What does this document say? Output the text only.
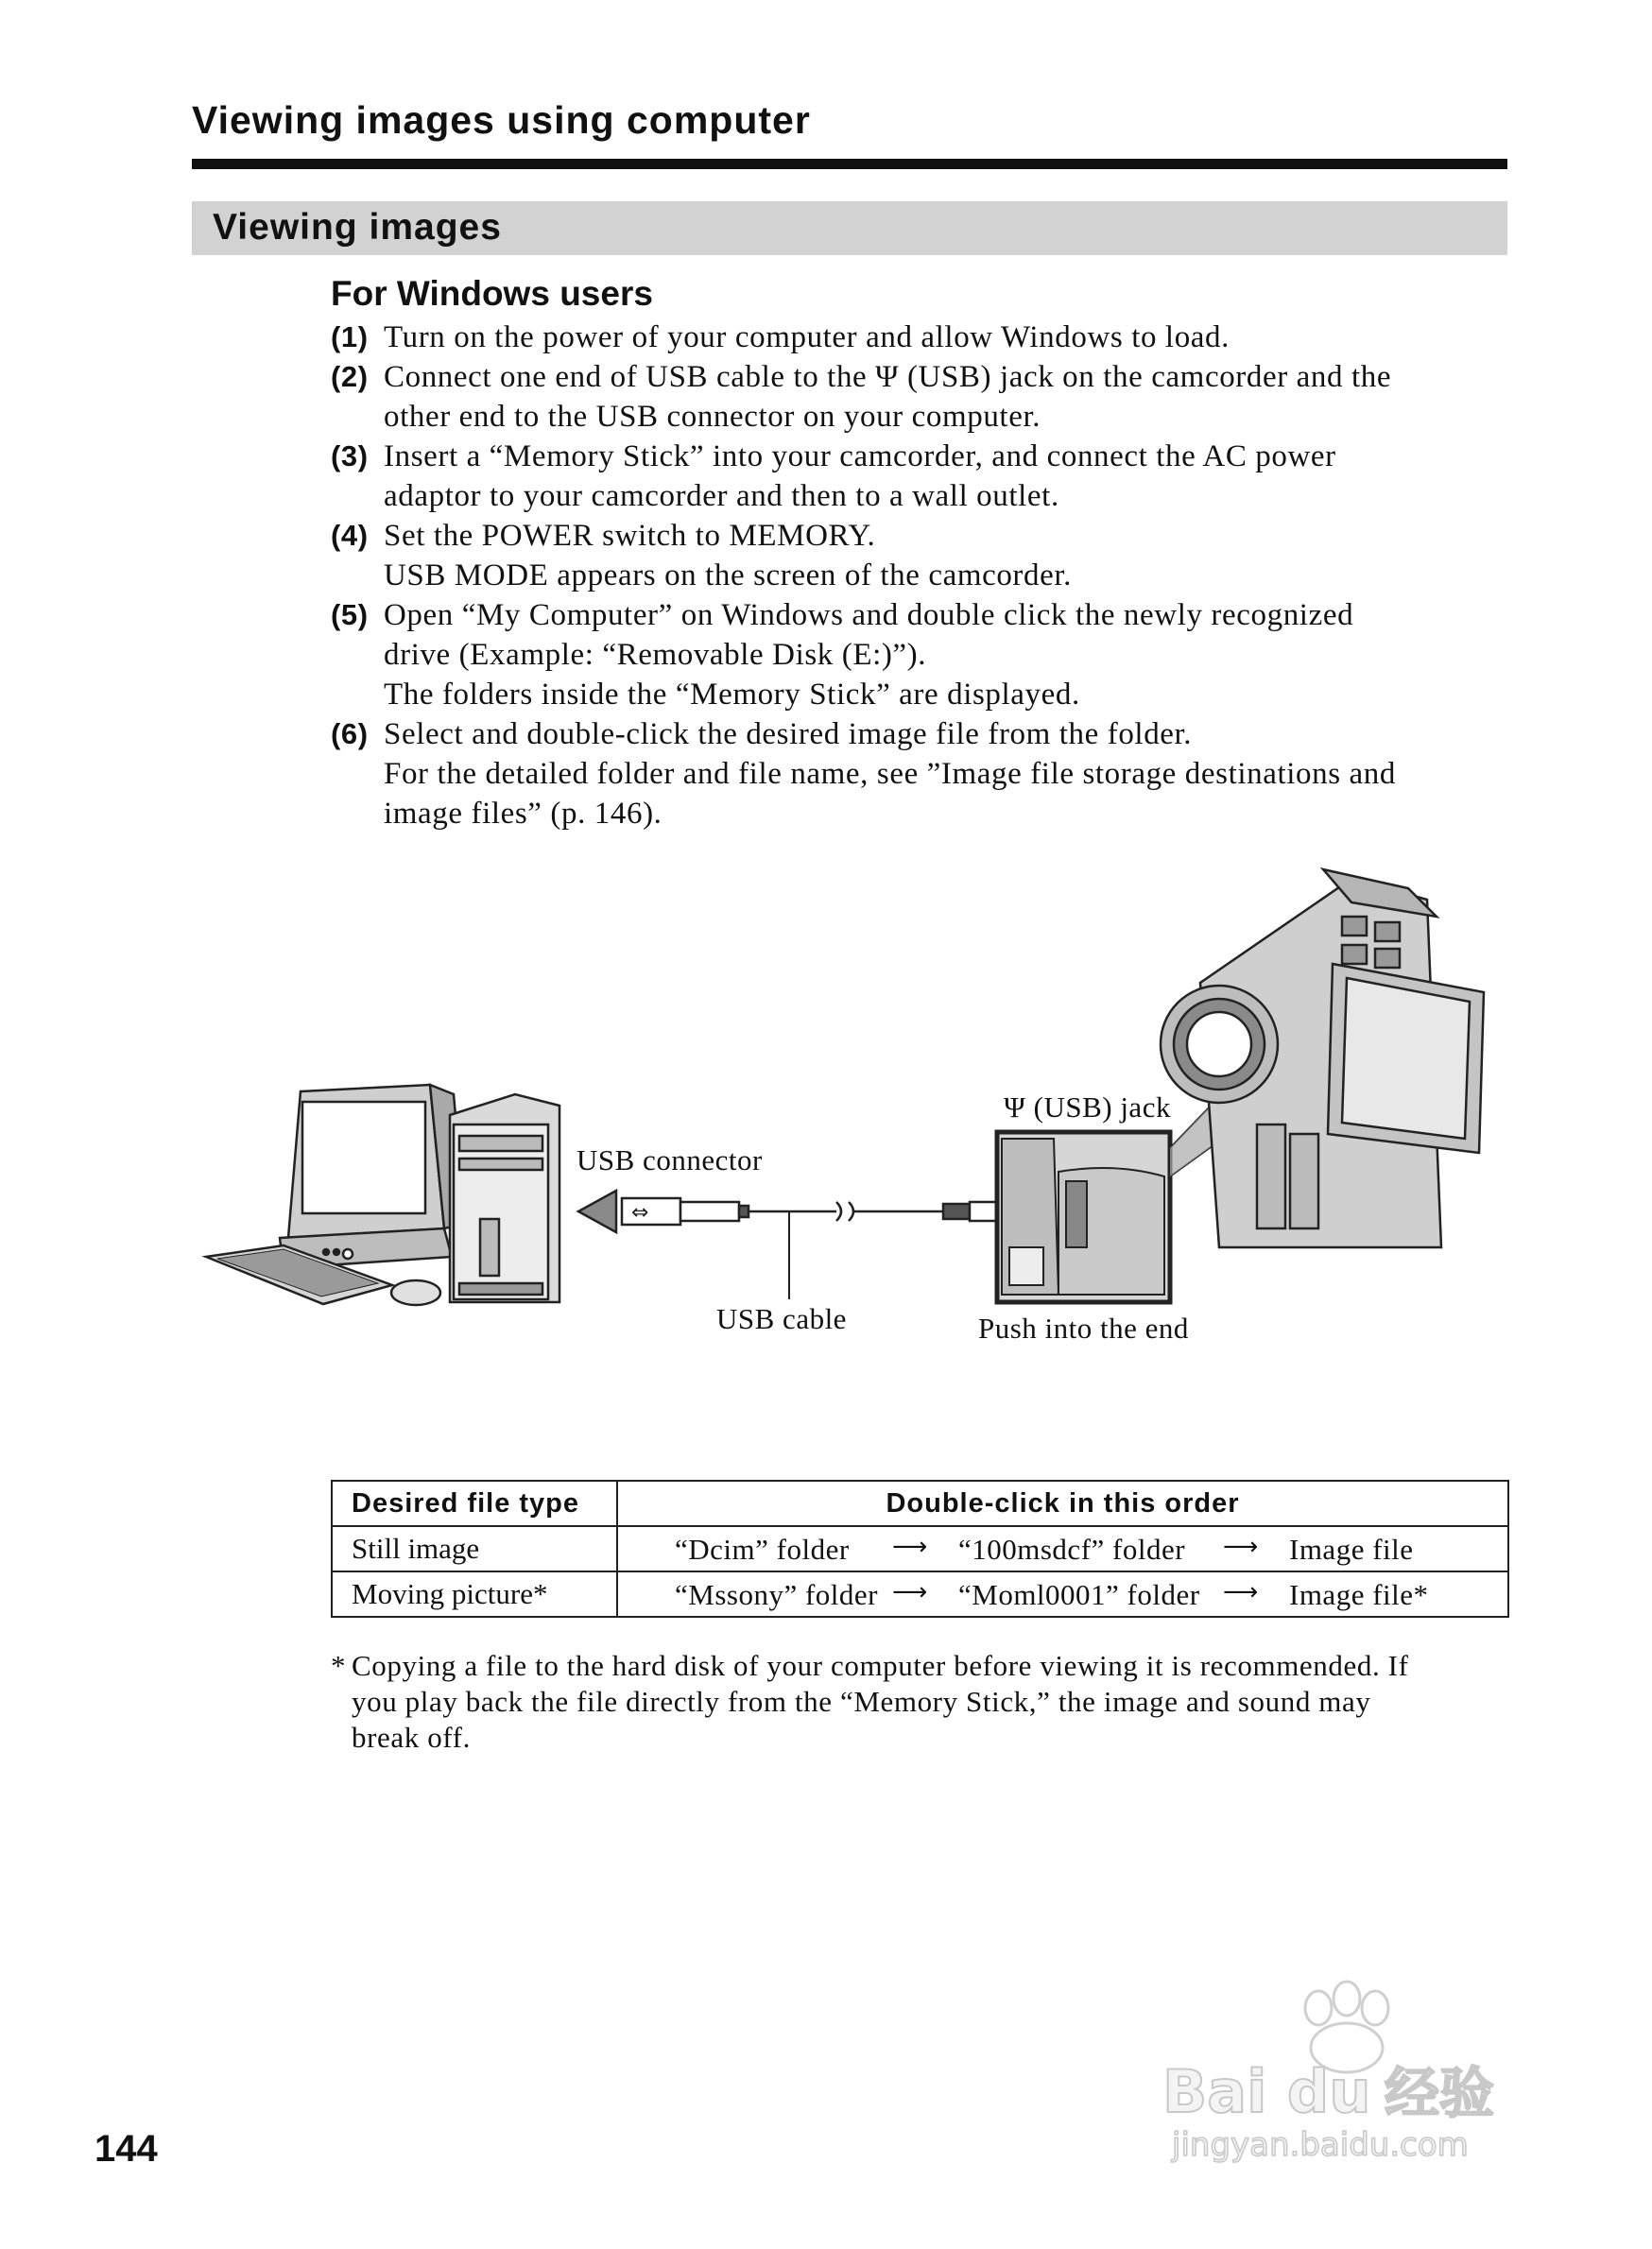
Viewing images using computer
Viewing images
For Windows users
(1) Turn on the power of your computer and allow Windows to load.
(2) Connect one end of USB cable to the Ψ (USB) jack on the camcorder and the
other end to the USB connector on your computer.
(3) Insert a “Memory Stick” into your camcorder, and connect the AC power
adaptor to your camcorder and then to a wall outlet.
(4) Set the POWER switch to MEMORY.
USB MODE appears on the screen of the camcorder.
(5) Open “My Computer” on Windows and double click the newly recognized
drive (Example: “Removable Disk (E:)”).
The folders inside the “Memory Stick” are displayed.
(6) Select and double-click the desired image file from the folder.
For the detailed folder and file name, see ”Image file storage destinations and
image files” (p. 146).
⇔
Ψ (USB) jack
USB connector
USB cable	Push into the end
Desired file type	Double-click in this order
Still image	“Dcim” folder ⟶ “100msdcf” folder ⟶ Image file

Moving picture*	“Mssony” folder ⟶ “Moml0001” folder ⟶ Image file*
* Copying a file to the hard disk of your computer before viewing it is recommended. If
you play back the file directly from the “Memory Stick,” the image and sound may
break off.
144
Bai du 经验
jingyan.baidu.com
